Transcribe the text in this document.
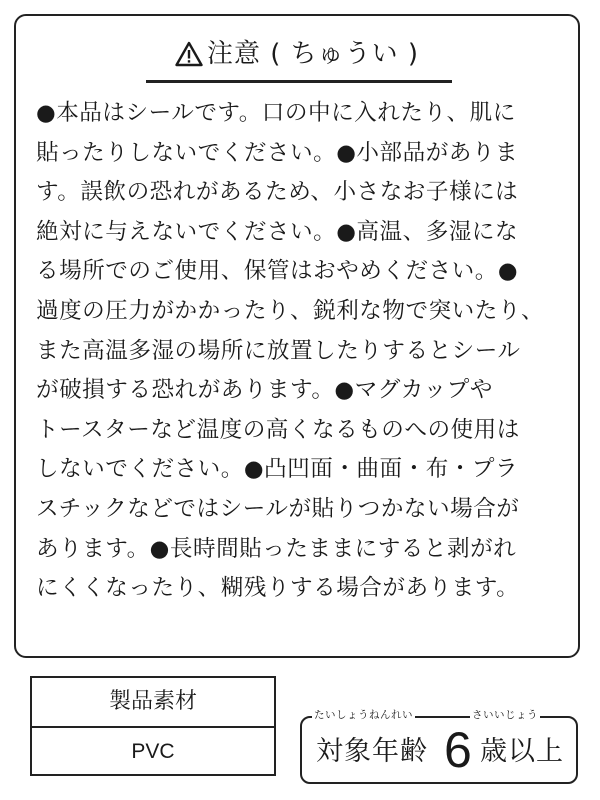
注意 ( ちゅうい )
●本品はシールです。口の中に入れたり、肌に
貼ったりしないでください。●小部品がありま
す。誤飲の恐れがあるため、小さなお子様には
絶対に与えないでください。●高温、多湿にな
る場所でのご使用、保管はおやめください。●
過度の圧力がかかったり、鋭利な物で突いたり、
また高温多湿の場所に放置したりするとシール
が破損する恐れがあります。●マグカップや
トースターなど温度の高くなるものへの使用は
しないでください。●凸凹面・曲面・布・プラ
スチックなどではシールが貼りつかない場合が
あります。●長時間貼ったままにすると剥がれ
にくくなったり、糊残りする場合があります。
製品素材
PVC
たいしょうねんれい	さいいじょう
対象年齢 6 歳以上
